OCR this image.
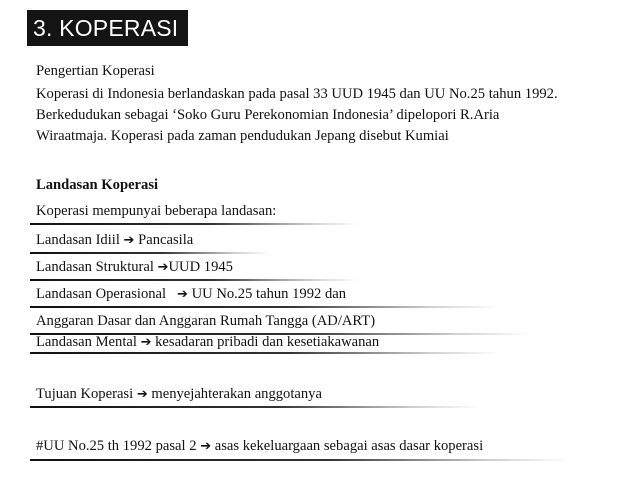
3. KOPERASI
Pengertian Koperasi
Koperasi di Indonesia berlandaskan pada pasal 33 UUD 1945 dan UU No.25 tahun 1992.
Berkedudukan sebagai ‘Soko Guru Perekonomian Indonesia’ dipelopori R.Aria
Wiraatmaja. Koperasi pada zaman pendudukan Jepang disebut Kumiai
Landasan Koperasi
Koperasi mempunyai beberapa landasan:
Landasan Idiil ➔ Pancasila
Landasan Struktural ➔UUD 1945
Landasan Operasional ➔ UU No.25 tahun 1992 dan
Anggaran Dasar dan Anggaran Rumah Tangga (AD/ART)
Landasan Mental ➔ kesadaran pribadi dan kesetiakawanan
Tujuan Koperasi ➔ menyejahterakan anggotanya
#UU No.25 th 1992 pasal 2 ➔ asas kekeluargaan sebagai asas dasar koperasi
